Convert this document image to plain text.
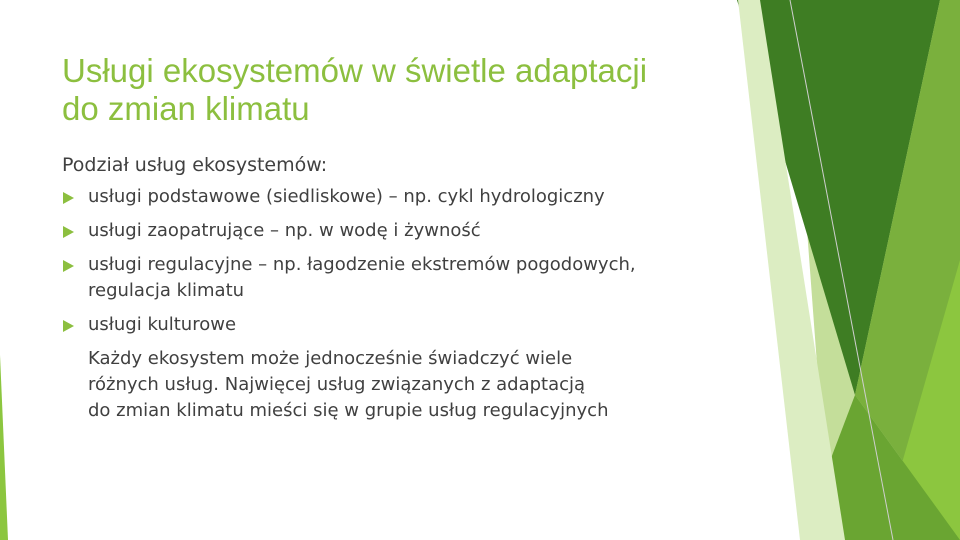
Usługi ekosystemów w świetle adaptacji
do zmian klimatu

Podział usług ekosystemów:

usługi podstawowe (siedliskowe) – np. cykl hydrologiczny
usługi zaopatrujące – np. w wodę i żywność
usługi regulacyjne – np. łagodzenie ekstremów pogodowych, regulacja klimatu
usługi kulturowe

Każdy ekosystem może jednocześnie świadczyć wiele
różnych usług. Najwięcej usług związanych z adaptacją
do zmian klimatu mieści się w grupie usług regulacyjnych
